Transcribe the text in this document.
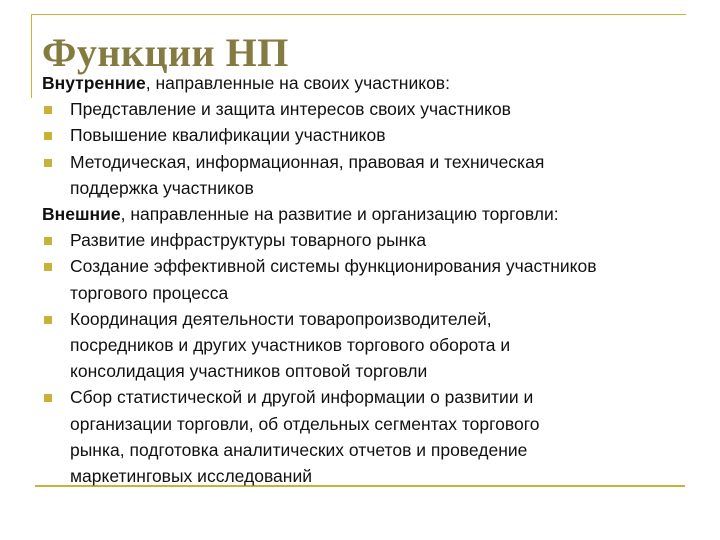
Функции НП

Внутренние, направленные на своих участников:

Представление и защита интересов своих участников

Повышение квалификации участников

Методическая, информационная, правовая и техническая
поддержка участников

Внешние, направленные на развитие и организацию торговли:

Развитие инфраструктуры товарного рынка

Создание эффективной системы функционирования участников
торгового процесса

Координация деятельности товаропроизводителей,
посредников и других участников торгового оборота и
консолидация участников оптовой торговли

Сбор статистической и другой информации о развитии и
организации торговли, об отдельных сегментах торгового
рынка, подготовка аналитических отчетов и проведение
маркетинговых исследований
